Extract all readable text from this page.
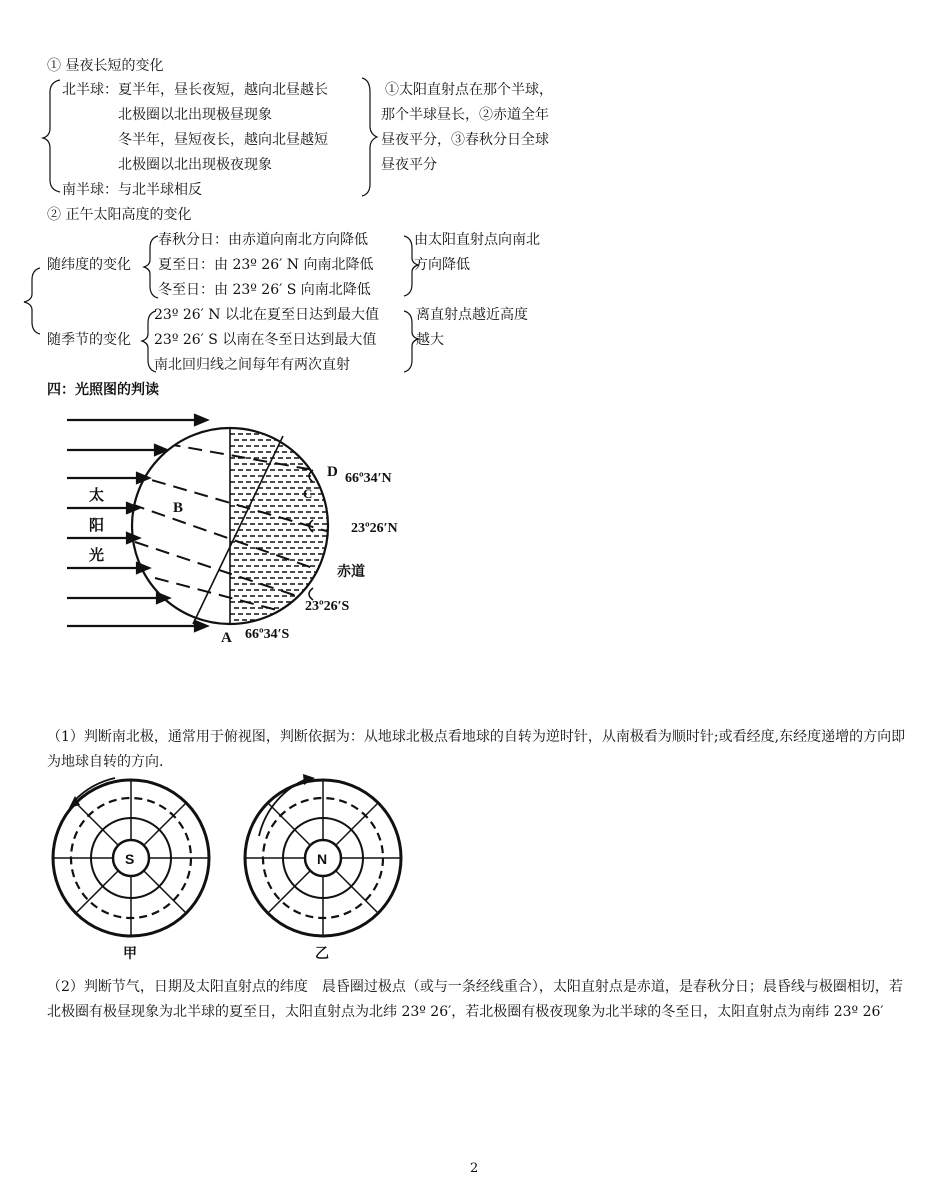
① 昼夜长短的变化
北半球：夏半年，昼长夜短，越向北昼越长
北极圈以北出现极昼现象
冬半年，昼短夜长，越向北昼越短
北极圈以北出现极夜现象
南半球：与北半球相反
①太阳直射点在那个半球，
那个半球昼长，②赤道全年
昼夜平分，③春秋分日全球
昼夜平分
② 正午太阳高度的变化
随纬度的变化
春秋分日：由赤道向南北方向降低
夏至日：由 23º 26′ N 向南北降低
冬至日：由 23º 26′ S 向南北降低
由太阳直射点向南北
方向降低
随季节的变化
23º 26′ N 以北在夏至日达到最大值
23º 26′ S 以南在冬至日达到最大值
南北回归线之间每年有两次直射
离直射点越近高度
越大
四：光照图的判读
太
阳
光
B
C
D 66º34′N
23º26′N
赤道
23º26′S
A 66º34′S
（1）判断南北极，通常用于俯视图，判断依据为：从地球北极点看地球的自转为逆时针，从南极看为顺时针;或看经度,东经度递增的方向即为地球自转的方向.
S	N
甲	乙
（2）判断节气，日期及太阳直射点的纬度　晨昏圈过极点（或与一条经线重合），太阳直射点是赤道，是春秋分日；晨昏线与极圈相切，若北极圈有极昼现象为北半球的夏至日，太阳直射点为北纬 23º 26′，若北极圈有极夜现象为北半球的冬至日，太阳直射点为南纬 23º 26′
2
